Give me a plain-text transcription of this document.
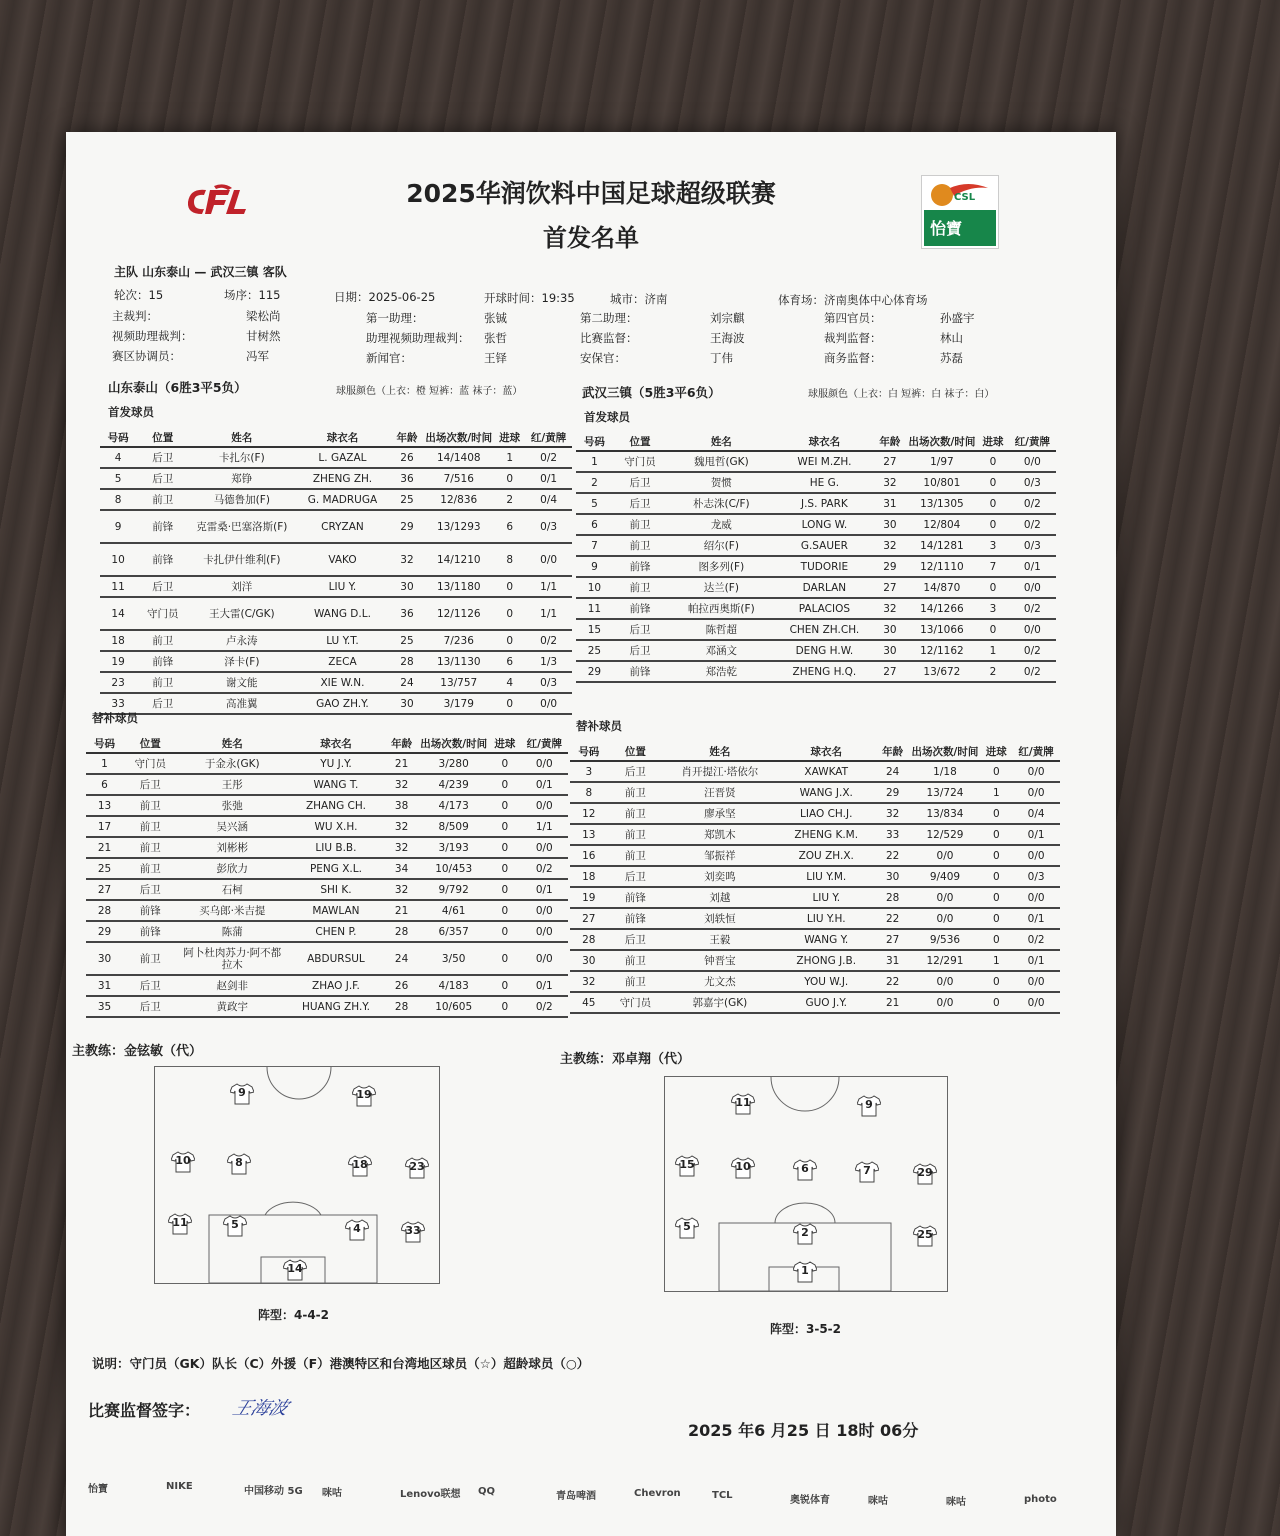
CSL
怡寶
2025华润饮料中国足球超级联赛
首发名单
主队 山东泰山 — 武汉三镇 客队
轮次：15	场序：115	日期：2025-06-25	开球时间：19:35	城市：济南	体育场：济南奥体中心体育场
主裁判：	梁松尚	第一助理：	张铖	第二助理：	刘宗麒	第四官员：	孙盛宇
视频助理裁判：	甘树然	助理视频助理裁判： 张哲	比赛监督：	王海波	裁判监督：	林山
赛区协调员：	冯军	新闻官：	王铎	安保官：	丁伟	商务监督：	苏磊
山东泰山（6胜3平5负）	球服颜色（上衣：橙 短裤：蓝 袜子：蓝）	武汉三镇（5胜3平6负）	球服颜色（上衣：白 短裤：白 袜子：白）
首发球员	首发球员
号码	位置	姓名	球衣名	年龄	出场次数/时间	进球	红/黄牌
4	后卫	卡扎尔(F)	L. GAZAL	26	14/1408	1	0/2
5	后卫	郑铮	ZHENG ZH.	36	7/516	0	0/1
8	前卫	马德鲁加(F)	G. MADRUGA	25	12/836	2	0/4
9	前锋	克雷桑·巴塞洛斯(F)	CRYZAN	29	13/1293	6	0/3
10	前锋	卡扎伊什维利(F)	VAKO	32	14/1210	8	0/0
11	后卫	刘洋	LIU Y.	30	13/1180	0	1/1
14	守门员	王大雷(C/GK)	WANG D.L.	36	12/1126	0	1/1
18	前卫	卢永涛	LU Y.T.	25	7/236	0	0/2
19	前锋	泽卡(F)	ZECA	28	13/1130	6	1/3
23	前卫	谢文能	XIE W.N.	24	13/757	4	0/3
33	后卫	高准翼	GAO ZH.Y.	30	3/179	0	0/0
号码	位置	姓名	球衣名	年龄	出场次数/时间	进球	红/黄牌
1	守门员	魏甩哲(GK)	WEI M.ZH.	27	1/97	0	0/0
2	后卫	贺惯	HE G.	32	10/801	0	0/3
5	后卫	朴志洙(C/F)	J.S. PARK	31	13/1305	0	0/2
6	前卫	龙威	LONG W.	30	12/804	0	0/2
7	前卫	绍尔(F)	G.SAUER	32	14/1281	3	0/3
9	前锋	图多列(F)	TUDORIE	29	12/1110	7	0/1
10	前卫	达兰(F)	DARLAN	27	14/870	0	0/0
11	前锋	帕拉西奥斯(F)	PALACIOS	32	14/1266	3	0/2
15	后卫	陈哲超	CHEN ZH.CH.	30	13/1066	0	0/0
25	后卫	邓涵文	DENG H.W.	30	12/1162	1	0/2
29	前锋	郑浩乾	ZHENG H.Q.	27	13/672	2	0/2
替补球员
替补球员
号码	位置	姓名	球衣名	年龄	出场次数/时间	进球	红/黄牌
1	守门员	于金永(GK)	YU J.Y.	21	3/280	0	0/0
6	后卫	王彤	WANG T.	32	4/239	0	0/1
13	前卫	张弛	ZHANG CH.	38	4/173	0	0/0
17	前卫	吴兴涵	WU X.H.	32	8/509	0	1/1
21	前卫	刘彬彬	LIU B.B.	32	3/193	0	0/0
25	前卫	彭欣力	PENG X.L.	34	10/453	0	0/2
27	后卫	石柯	SHI K.	32	9/792	0	0/1
28	前锋	买乌郎·米吉提	MAWLAN	21	4/61	0	0/0
29	前锋	陈蒲	CHEN P.	28	6/357	0	0/0
30	前卫	阿卜杜肉苏力·阿不都拉木	ABDURSUL	24	3/50	0	0/0
31	后卫	赵剑非	ZHAO J.F.	26	4/183	0	0/1
35	后卫	黄政宇	HUANG ZH.Y.	28	10/605	0	0/2
号码	位置	姓名	球衣名	年龄	出场次数/时间	进球	红/黄牌
3	后卫	肖开提江·塔依尔	XAWKAT	24	1/18	0	0/0
8	前卫	汪晋贤	WANG J.X.	29	13/724	1	0/0
12	前卫	廖承坚	LIAO CH.J.	32	13/834	0	0/4
13	前卫	郑凯木	ZHENG K.M.	33	12/529	0	0/1
16	前卫	邹振祥	ZOU ZH.X.	22	0/0	0	0/0
18	后卫	刘奕鸣	LIU Y.M.	30	9/409	0	0/3
19	前锋	刘越	LIU Y.	28	0/0	0	0/0
27	前锋	刘轶恒	LIU Y.H.	22	0/0	0	0/1
28	后卫	王毅	WANG Y.	27	9/536	0	0/2
30	前卫	钟晋宝	ZHONG J.B.	31	12/291	1	0/1
32	前卫	尤文杰	YOU W.J.	22	0/0	0	0/0
45	守门员	郭嘉宇(GK)	GUO J.Y.	21	0/0	0	0/0
主教练：金铉敏（代）
主教练：邓卓翔（代）
9	19
10	8	18	23
11	5	4	33
14
11	9
15	10	6	7	29
5	2	25
1
阵型：4-4-2
阵型：3-5-2
说明：守门员（GK）队长（C）外援（F）港澳特区和台湾地区球员（☆）超龄球员（○）
比赛监督签字： 王海波
2025 年6 月25 日 18时 06分
怡寶	NIKE	中国移动 5G 咪咕	Lenovo联想 QQ	青岛啤酒	Chevron	TCL	奥锐体育	咪咕	咪咕	photo
